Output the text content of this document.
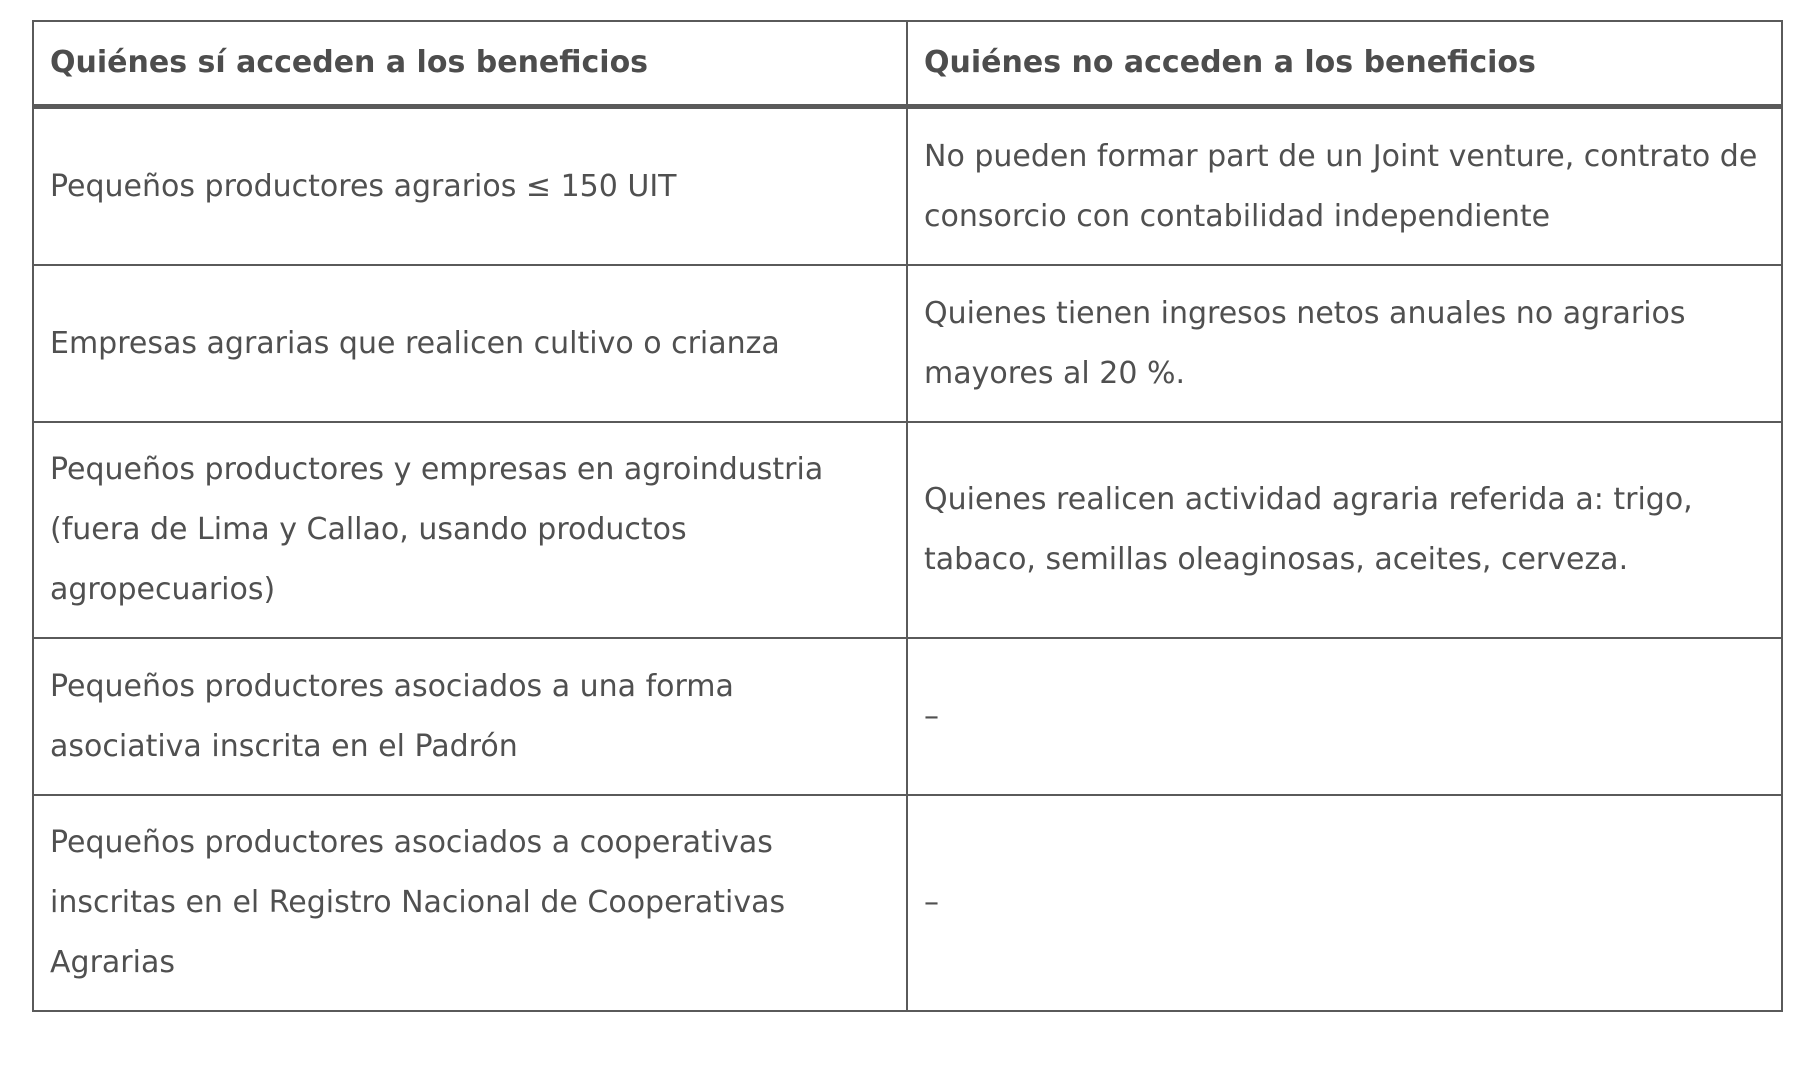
Quiénes sí acceden a los beneficios	Quiénes no acceden a los beneficios
Pequeños productores agrarios ≤ 150 UIT	No pueden formar part de un Joint venture, contrato de consorcio con contabilidad independiente
Empresas agrarias que realicen cultivo o crianza	Quienes tienen ingresos netos anuales no agrarios mayores al 20 %.
Pequeños productores y empresas en agroindustria (fuera de Lima y Callao, usando productos agropecuarios)	Quienes realicen actividad agraria referida a: trigo, tabaco, semillas oleaginosas, aceites, cerveza.
Pequeños productores asociados a una forma asociativa inscrita en el Padrón	–
Pequeños productores asociados a cooperativas inscritas en el Registro Nacional de Cooperativas Agrarias	–
